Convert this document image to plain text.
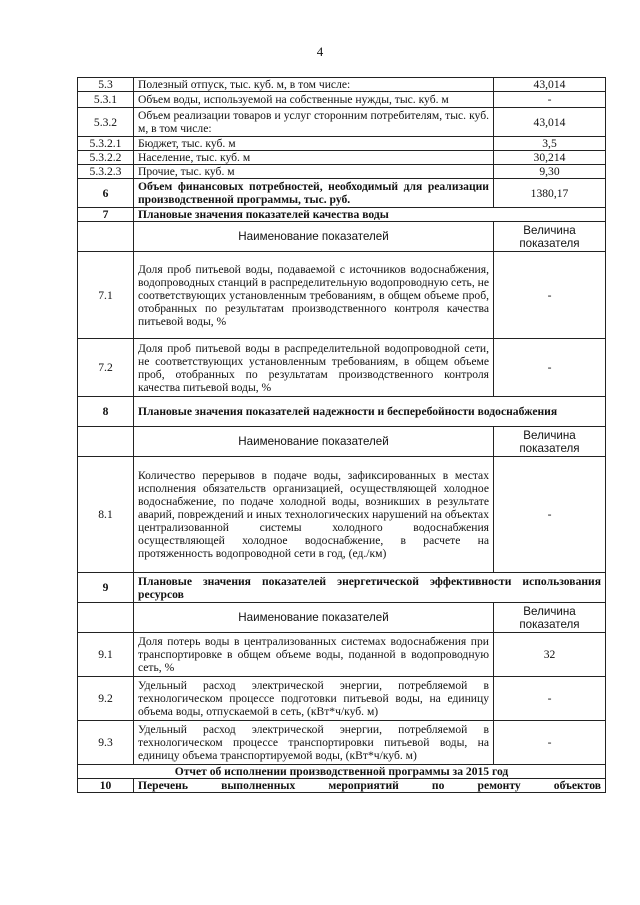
4
5.3	Полезный отпуск, тыс. куб. м, в том числе:	43,014
5.3.1	Объем воды, используемой на собственные нужды, тыс. куб. м	-
5.3.2	Объем реализации товаров и услуг сторонним потребителям, тыс. куб. м, в том числе:	43,014
5.3.2.1	Бюджет, тыс. куб. м	3,5
5.3.2.2	Население, тыс. куб. м	30,214
5.3.2.3	Прочие, тыс. куб. м	9,30
6	Объем финансовых потребностей, необходимый для реализации производственной программы, тыс. руб.	1380,17
7	Плановые значения показателей качества воды	
	Наименование показателей	Величина показателя
7.1	Доля проб питьевой воды, подаваемой с источников водоснабжения, водопроводных станций в распределительную водопроводную сеть, не соответствующих установленным требованиям, в общем объеме проб, отобранных по результатам производственного контроля качества питьевой воды, %	-
7.2	Доля проб питьевой воды в распределительной водопроводной сети, не соответствующих установленным требованиям, в общем объеме проб, отобранных по результатам производственного контроля качества питьевой воды, %	-
8	Плановые значения показателей надежности и бесперебойности водоснабжения	
	Наименование показателей	Величина показателя
8.1	Количество перерывов в подаче воды, зафиксированных в местах исполнения обязательств организацией, осуществляющей холодное водоснабжение, по подаче холодной воды, возникших в результате аварий, повреждений и иных технологических нарушений на объектах централизованной системы холодного водоснабжения осуществляющей холодное водоснабжение, в расчете на протяженность водопроводной сети в год, (ед./км)	-
9	Плановые значения показателей энергетической эффективности использования ресурсов	
	Наименование показателей	Величина показателя
9.1	Доля потерь воды в централизованных системах водоснабжения при транспортировке в общем объеме воды, поданной в водопроводную сеть, %	32
9.2	Удельный расход электрической энергии, потребляемой в технологическом процессе подготовки питьевой воды, на единицу объема воды, отпускаемой в сеть, (кВт*ч/куб. м)	-
9.3	Удельный расход электрической энергии, потребляемой в технологическом процессе транспортировки питьевой воды, на единицу объема транспортируемой воды, (кВт*ч/куб. м)	-
Отчет об исполнении производственной программы за 2015 год		
10	Перечень выполненных мероприятий по ремонту объектов	
